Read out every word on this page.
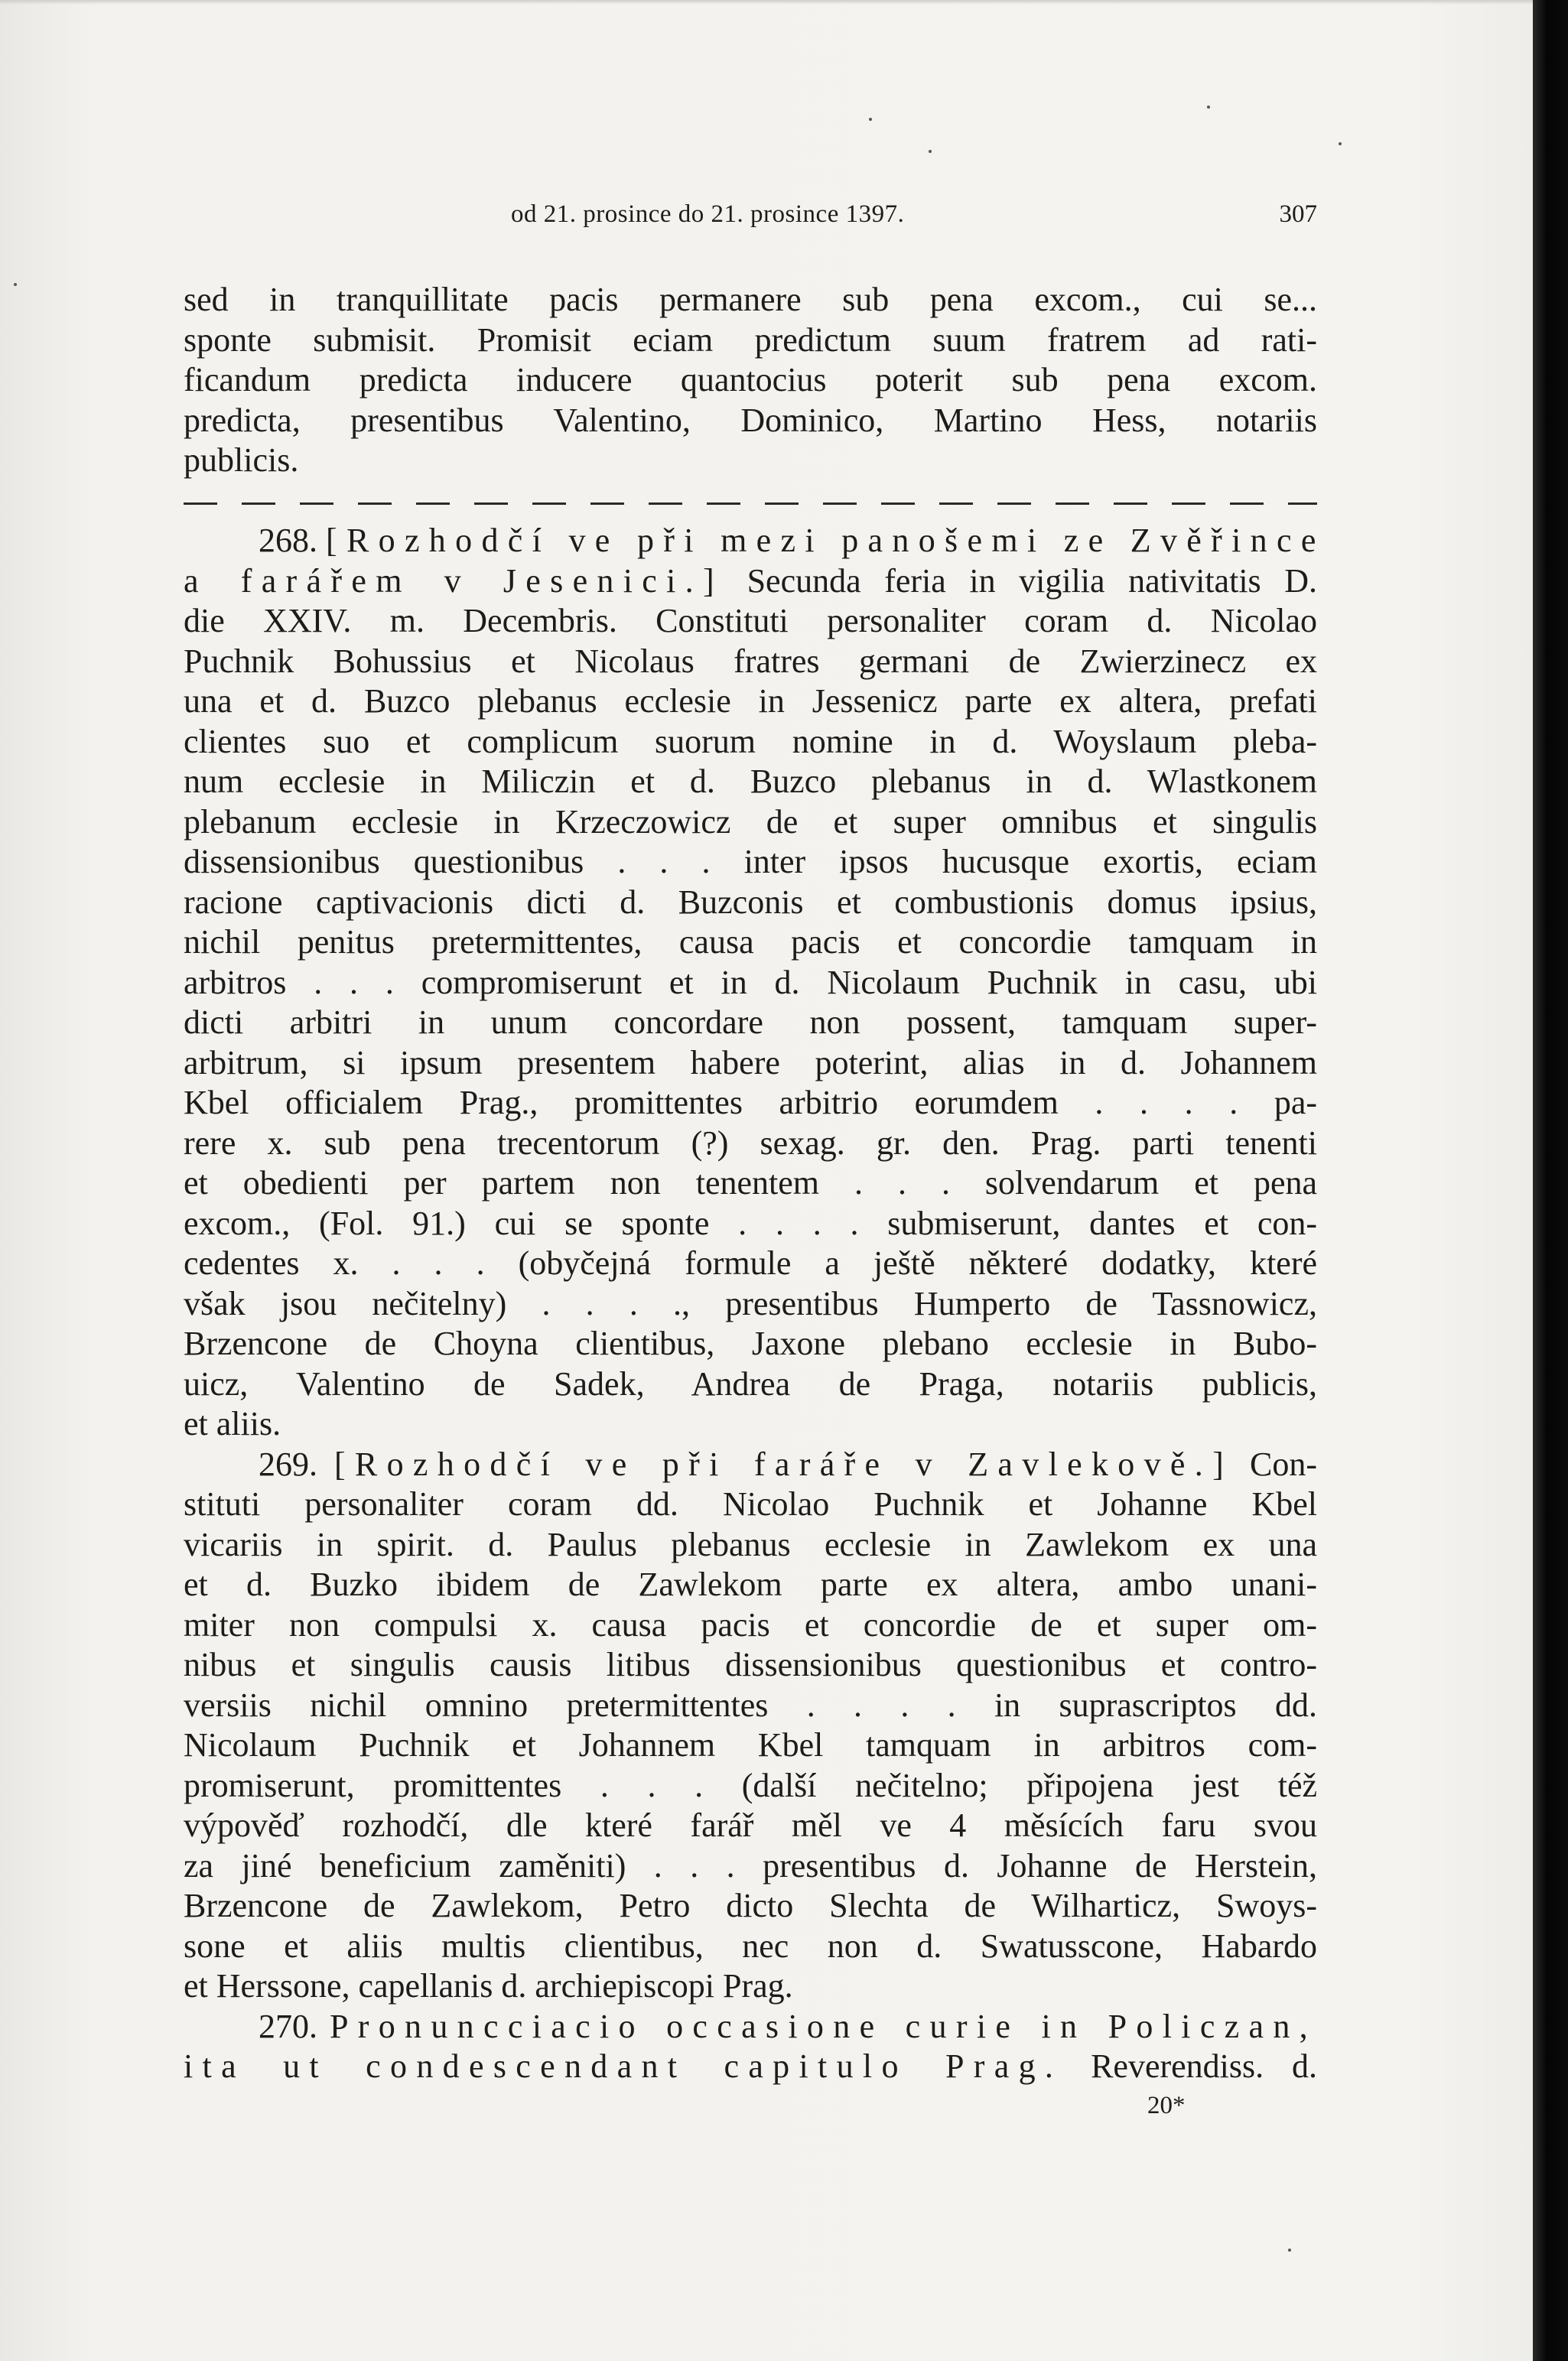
od 21. prosince do 21. prosince 1397.	307
sed in tranquillitate pacis permanere sub pena excom., cui se...
sponte submisit. Promisit eciam predictum suum fratrem ad rati-
ficandum predicta inducere quantocius poterit sub pena excom.
predicta, presentibus Valentino, Dominico, Martino Hess, notariis
publicis.
268. [Rozhodčí ve při mezi panošemi ze Zvěřince
a farářem v Jesenici.] Secunda feria in vigilia nativitatis D.
die XXIV. m. Decembris. Constituti personaliter coram d. Nicolao
Puchnik Bohussius et Nicolaus fratres germani de Zwierzinecz ex
una et d. Buzco plebanus ecclesie in Jessenicz parte ex altera, prefati
clientes suo et complicum suorum nomine in d. Woyslaum pleba-
num ecclesie in Miliczin et d. Buzco plebanus in d. Wlastkonem
plebanum ecclesie in Krzeczowicz de et super omnibus et singulis
dissensionibus questionibus . . . inter ipsos hucusque exortis, eciam
racione captivacionis dicti d. Buzconis et combustionis domus ipsius,
nichil penitus pretermittentes, causa pacis et concordie tamquam in
arbitros . . . compromiserunt et in d. Nicolaum Puchnik in casu, ubi
dicti arbitri in unum concordare non possent, tamquam super-
arbitrum, si ipsum presentem habere poterint, alias in d. Johannem
Kbel officialem Prag., promittentes arbitrio eorumdem . . . . pa-
rere x. sub pena trecentorum (?) sexag. gr. den. Prag. parti tenenti
et obedienti per partem non tenentem . . . solvendarum et pena
excom., (Fol. 91.) cui se sponte . . . . submiserunt, dantes et con-
cedentes x. . . . (obyčejná formule a ještě některé dodatky, které
však jsou nečitelny) . . . ., presentibus Humperto de Tassnowicz,
Brzencone de Choyna clientibus, Jaxone plebano ecclesie in Bubo-
uicz, Valentino de Sadek, Andrea de Praga, notariis publicis,
et aliis.
269. [Rozhodčí ve při faráře v Zavlekově.] Con-
stituti personaliter coram dd. Nicolao Puchnik et Johanne Kbel
vicariis in spirit. d. Paulus plebanus ecclesie in Zawlekom ex una
et d. Buzko ibidem de Zawlekom parte ex altera, ambo unani-
miter non compulsi x. causa pacis et concordie de et super om-
nibus et singulis causis litibus dissensionibus questionibus et contro-
versiis nichil omnino pretermittentes . . . . in suprascriptos dd.
Nicolaum Puchnik et Johannem Kbel tamquam in arbitros com-
promiserunt, promittentes . . . (další nečitelno; připojena jest též
výpověď rozhodčí, dle které farář měl ve 4 měsících faru svou
za jiné beneficium zaměniti) . . . presentibus d. Johanne de Herstein,
Brzencone de Zawlekom, Petro dicto Slechta de Wilharticz, Swoys-
sone et aliis multis clientibus, nec non d. Swatusscone, Habardo
et Herssone, capellanis d. archiepiscopi Prag.
270. Pronuncciacio occasione curie in Policzan,
ita ut condescendant capitulo Prag. Reverendiss. d.
20*
